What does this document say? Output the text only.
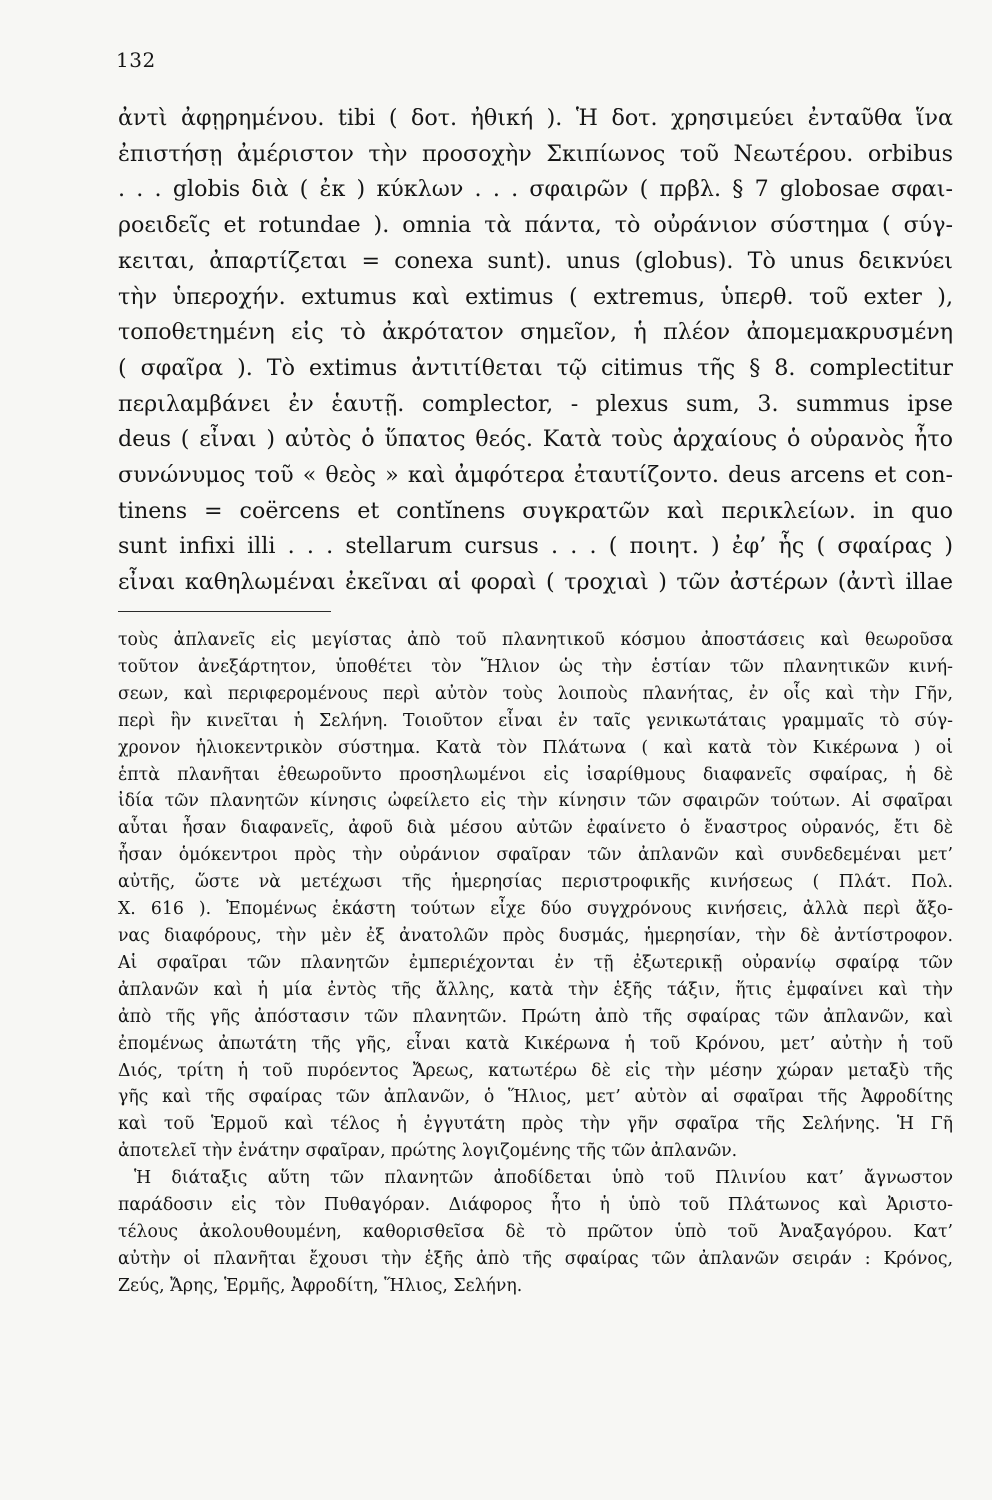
132
ἀντὶ ἀφῃρημένου. tibi ( δοτ. ἠθική ). Ἡ δοτ. χρησιμεύει ἐνταῦθα ἵνα
ἐπιστήσῃ ἀμέριστον τὴν προσοχὴν Σκιπίωνος τοῦ Νεωτέρου. orbibus
. . . globis διὰ ( ἐκ ) κύκλων . . . σφαιρῶν ( πρβλ. § 7 globosae σφαι-
ροειδεῖς et rotundae ). omnia τὰ πάντα, τὸ οὐράνιον σύστημα ( σύγ-
κειται, ἀπαρτίζεται = conexa sunt). unus (globus). Τὸ unus δεικνύει
τὴν ὑπεροχήν. extumus καὶ extimus ( extremus, ὑπερθ. τοῦ exter ),
τοποθετημένη εἰς τὸ ἀκρότατον σημεῖον, ἡ πλέον ἀπομεμακρυσμένη
( σφαῖρα ). Τὸ extimus ἀντιτίθεται τῷ citimus τῆς § 8. complectitur
περιλαμβάνει ἐν ἑαυτῇ. complector, - plexus sum, 3. summus ipse
deus ( εἶναι ) αὐτὸς ὁ ὕπατος θεός. Κατὰ τοὺς ἀρχαίους ὁ οὐρανὸς ἦτο
συνώνυμος τοῦ « θεὸς » καὶ ἀμφότερα ἐταυτίζοντο. deus arcens et con-
tinens = coërcens et contĭnens συγκρατῶν καὶ περικλείων. in quo
sunt infixi illi . . . stellarum cursus . . . ( ποιητ. ) ἐφ’ ἧς ( σφαίρας )
εἶναι καθηλωμέναι ἐκεῖναι αἱ φοραὶ ( τροχιαὶ ) τῶν ἀστέρων (ἀντὶ illae

τοὺς ἀπλανεῖς εἰς μεγίστας ἀπὸ τοῦ πλανητικοῦ κόσμου ἀποστάσεις καὶ θεωροῦσα
τοῦτον ἀνεξάρτητον, ὑποθέτει τὸν Ἥλιον ὡς τὴν ἑστίαν τῶν πλανητικῶν κινή-
σεων, καὶ περιφερομένους περὶ αὐτὸν τοὺς λοιποὺς πλανήτας, ἐν οἷς καὶ τὴν Γῆν,
περὶ ἣν κινεῖται ἡ Σελήνη. Τοιοῦτον εἶναι ἐν ταῖς γενικωτάταις γραμμαῖς τὸ σύγ-
χρονον ἡλιοκεντρικὸν σύστημα. Κατὰ τὸν Πλάτωνα ( καὶ κατὰ τὸν Κικέρωνα ) οἱ
ἑπτὰ πλανῆται ἐθεωροῦντο προσηλωμένοι εἰς ἰσαρίθμους διαφανεῖς σφαίρας, ἡ δὲ
ἰδία τῶν πλανητῶν κίνησις ὠφείλετο εἰς τὴν κίνησιν τῶν σφαιρῶν τούτων. Αἱ σφαῖραι
αὗται ἦσαν διαφανεῖς, ἀφοῦ διὰ μέσου αὐτῶν ἐφαίνετο ὁ ἔναστρος οὐρανός, ἔτι δὲ
ἦσαν ὁμόκεντροι πρὸς τὴν οὐράνιον σφαῖραν τῶν ἀπλανῶν καὶ συνδεδεμέναι μετ’
αὐτῆς, ὥστε νὰ μετέχωσι τῆς ἡμερησίας περιστροφικῆς κινήσεως ( Πλάτ. Πολ.
X. 616 ). Ἑπομένως ἑκάστη τούτων εἶχε δύο συγχρόνους κινήσεις, ἀλλὰ περὶ ἄξο-
νας διαφόρους, τὴν μὲν ἐξ ἀνατολῶν πρὸς δυσμάς, ἡμερησίαν, τὴν δὲ ἀντίστροφον.
Αἱ σφαῖραι τῶν πλανητῶν ἐμπεριέχονται ἐν τῇ ἐξωτερικῇ οὐρανίῳ σφαίρᾳ τῶν
ἀπλανῶν καὶ ἡ μία ἐντὸς τῆς ἄλλης, κατὰ τὴν ἑξῆς τάξιν, ἥτις ἐμφαίνει καὶ τὴν
ἀπὸ τῆς γῆς ἀπόστασιν τῶν πλανητῶν. Πρώτη ἀπὸ τῆς σφαίρας τῶν ἀπλανῶν, καὶ
ἐπομένως ἀπωτάτη τῆς γῆς, εἶναι κατὰ Κικέρωνα ἡ τοῦ Κρόνου, μετ’ αὐτὴν ἡ τοῦ
Διός, τρίτη ἡ τοῦ πυρόεντος Ἄρεως, κατωτέρω δὲ εἰς τὴν μέσην χώραν μεταξὺ τῆς
γῆς καὶ τῆς σφαίρας τῶν ἀπλανῶν, ὁ Ἥλιος, μετ’ αὐτὸν αἱ σφαῖραι τῆς Ἀφροδίτης
καὶ τοῦ Ἑρμοῦ καὶ τέλος ἡ ἐγγυτάτη πρὸς τὴν γῆν σφαῖρα τῆς Σελήνης. Ἡ Γῆ
ἀποτελεῖ τὴν ἐνάτην σφαῖραν, πρώτης λογιζομένης τῆς τῶν ἀπλανῶν.

Ἡ διάταξις αὕτη τῶν πλανητῶν ἀποδίδεται ὑπὸ τοῦ Πλινίου κατ’ ἄγνωστον
παράδοσιν εἰς τὸν Πυθαγόραν. Διάφορος ἦτο ἡ ὑπὸ τοῦ Πλάτωνος καὶ Ἀριστο-
τέλους ἀκολουθουμένη, καθορισθεῖσα δὲ τὸ πρῶτον ὑπὸ τοῦ Ἀναξαγόρου. Κατ’
αὐτὴν οἱ πλανῆται ἔχουσι τὴν ἑξῆς ἀπὸ τῆς σφαίρας τῶν ἀπλανῶν σειράν : Κρόνος,
Ζεύς, Ἄρης, Ἑρμῆς, Ἀφροδίτη, Ἥλιος, Σελήνη.
